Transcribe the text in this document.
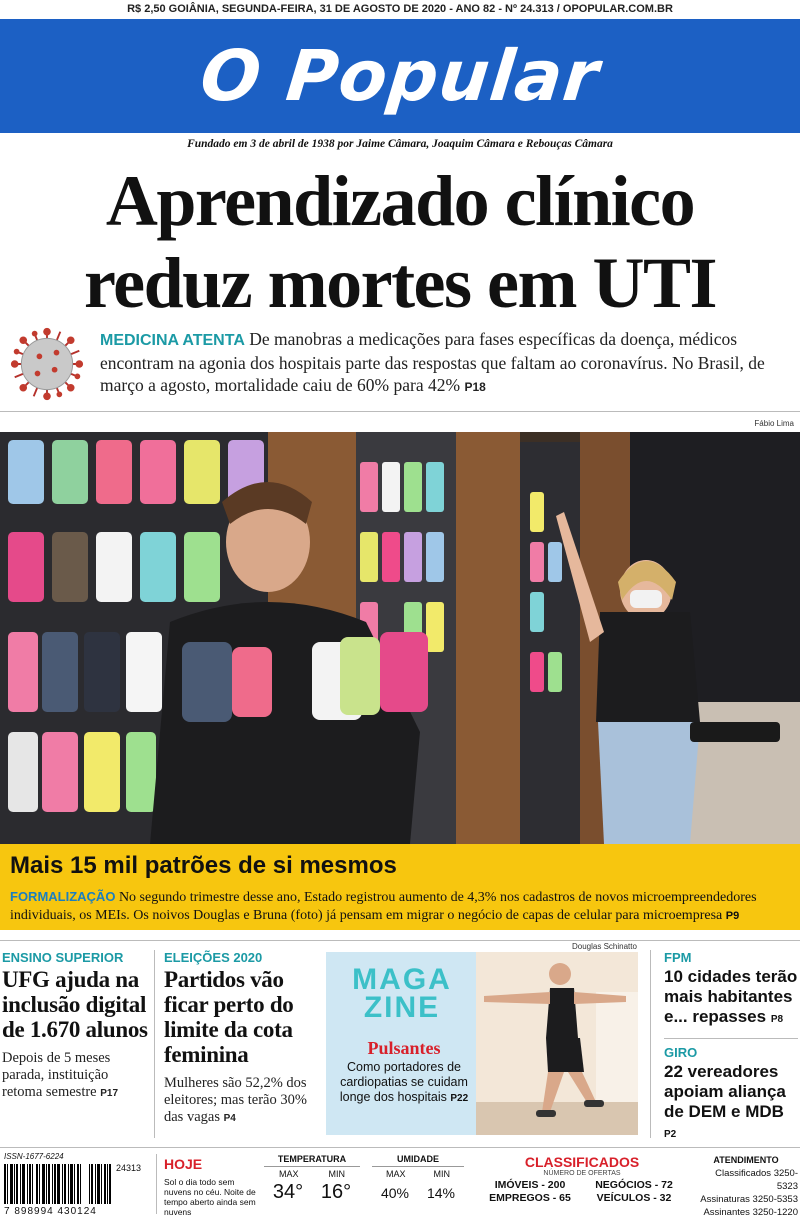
R$ 2,50 GOIÂNIA, SEGUNDA-FEIRA, 31 DE AGOSTO DE 2020 - ANO 82 - Nº 24.313 / OPOPULAR.COM.BR
O Popular
Fundado em 3 de abril de 1938 por Jaime Câmara, Joaquim Câmara e Rebouças Câmara
Aprendizado clínico
reduz mortes em UTI
MEDICINA ATENTA De manobras a medicações para fases específicas da doença, médicos encontram na agonia dos hospitais parte das respostas que faltam ao coronavírus. No Brasil, de março a agosto, mortalidade caiu de 60% para 42% P18
Fábio Lima
Mais 15 mil patrões de si mesmos
FORMALIZAÇÃO No segundo trimestre desse ano, Estado registrou aumento de 4,3% nos cadastros de novos microempreendedores individuais, os MEIs. Os noivos Douglas e Bruna (foto) já pensam em migrar o negócio de capas de celular para microempresa P9
Douglas Schinatto
ENSINO SUPERIOR
UFG ajuda na inclusão digital de 1.670 alunos
Depois de 5 meses parada, instituição retoma semestre P17
ELEIÇÕES 2020
Partidos vão ficar perto do limite da cota feminina
Mulheres são 52,2% dos eleitores; mas terão 30% das vagas P4
MAGA
ZINE
Pulsantes
Como portadores de cardiopatias se cuidam longe dos hospitais P22
FPM
10 cidades terão mais habitantes e... repasses P8
GIRO
22 vereadores apoiam aliança de DEM e MDB P2
ISSN-1677-6224
7 898994 430124
24313 HOJE
Sol o dia todo sem nuvens no céu. Noite de tempo aberto ainda sem nuvens
TEMPERATURA
MAX	MIN
34° 16°
UMIDADE
MAX	MIN
40% 14%
CLASSIFICADOS
NÚMERO DE OFERTAS
IMÓVEIS - 200	NEGÓCIOS - 72
EMPREGOS - 65	VEÍCULOS - 32
ATENDIMENTO
Classificados 3250-5323
Assinaturas 3250-5353
Assinantes 3250-1220
